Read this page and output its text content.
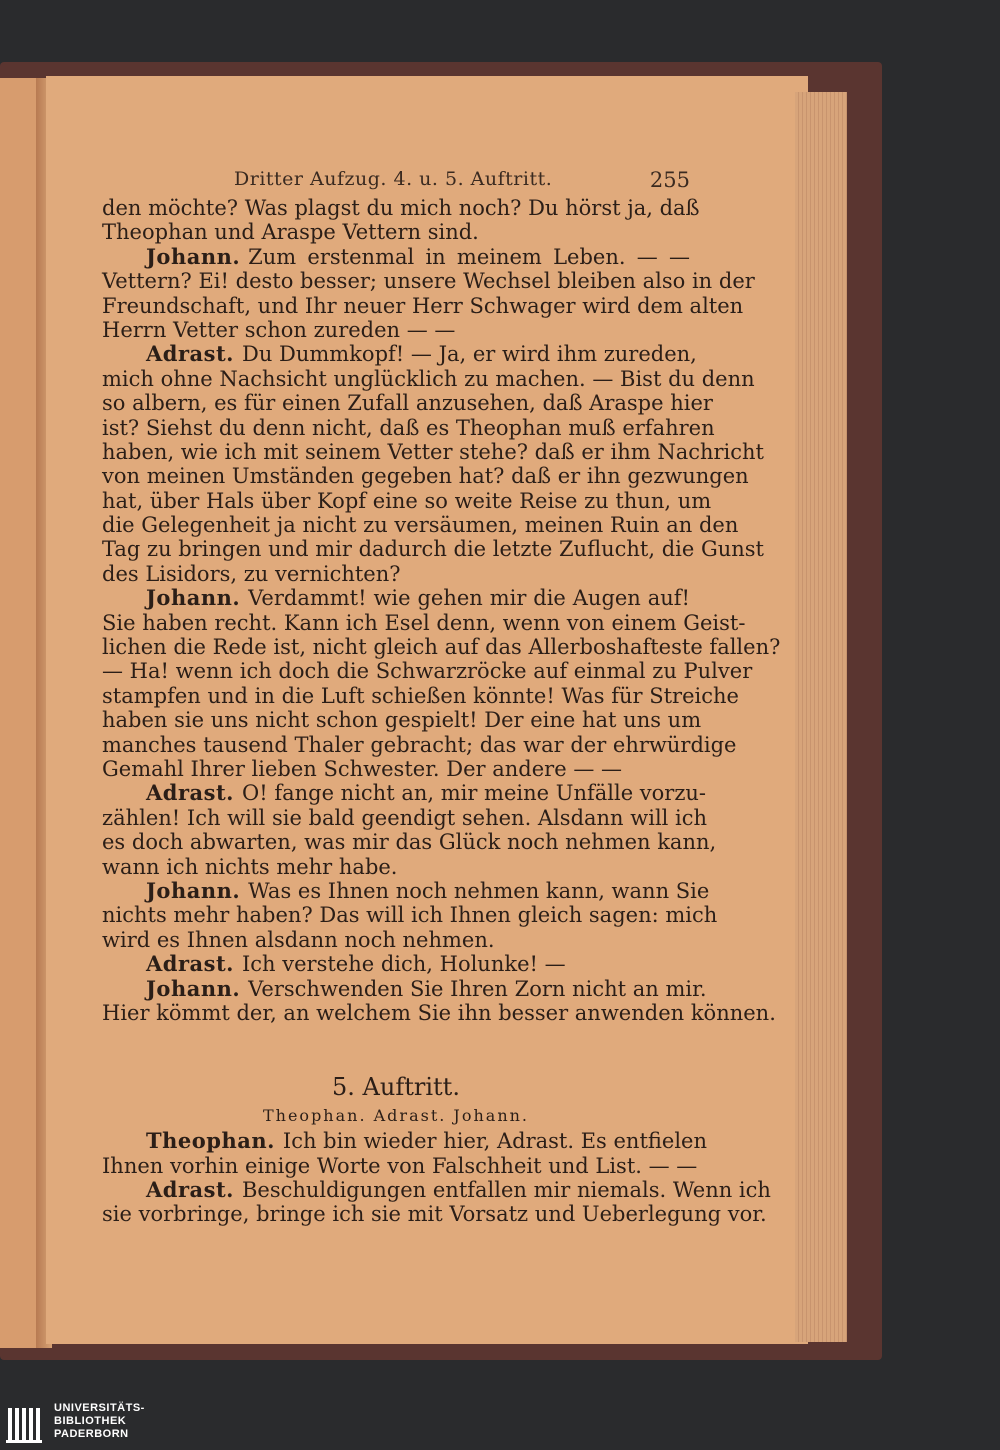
Dritter Aufzug. 4. u. 5. Auftritt.	255
den möchte? Was plagst du mich noch? Du hörst ja, daß
Theophan und Araspe Vettern sind.
Johann. Zum erstenmal in meinem Leben. — —
Vettern? Ei! desto besser; unsere Wechsel bleiben also in der
Freundschaft, und Ihr neuer Herr Schwager wird dem alten
Herrn Vetter schon zureden — —
Adrast. Du Dummkopf! — Ja, er wird ihm zureden,
mich ohne Nachsicht unglücklich zu machen. — Bist du denn
so albern, es für einen Zufall anzusehen, daß Araspe hier
ist? Siehst du denn nicht, daß es Theophan muß erfahren
haben, wie ich mit seinem Vetter stehe? daß er ihm Nachricht
von meinen Umständen gegeben hat? daß er ihn gezwungen
hat, über Hals über Kopf eine so weite Reise zu thun, um
die Gelegenheit ja nicht zu versäumen, meinen Ruin an den
Tag zu bringen und mir dadurch die letzte Zuflucht, die Gunst
des Lisidors, zu vernichten?
Johann. Verdammt! wie gehen mir die Augen auf!
Sie haben recht. Kann ich Esel denn, wenn von einem Geist-
lichen die Rede ist, nicht gleich auf das Allerboshafteste fallen?
— Ha! wenn ich doch die Schwarzröcke auf einmal zu Pulver
stampfen und in die Luft schießen könnte! Was für Streiche
haben sie uns nicht schon gespielt! Der eine hat uns um
manches tausend Thaler gebracht; das war der ehrwürdige
Gemahl Ihrer lieben Schwester. Der andere — —
Adrast. O! fange nicht an, mir meine Unfälle vorzu-
zählen! Ich will sie bald geendigt sehen. Alsdann will ich
es doch abwarten, was mir das Glück noch nehmen kann,
wann ich nichts mehr habe.
Johann. Was es Ihnen noch nehmen kann, wann Sie
nichts mehr haben? Das will ich Ihnen gleich sagen: mich
wird es Ihnen alsdann noch nehmen.
Adrast. Ich verstehe dich, Holunke! —
Johann. Verschwenden Sie Ihren Zorn nicht an mir.
Hier kömmt der, an welchem Sie ihn besser anwenden können.
5. Auftritt.
Theophan. Adrast. Johann.
Theophan. Ich bin wieder hier, Adrast. Es entfielen
Ihnen vorhin einige Worte von Falschheit und List. — —
Adrast. Beschuldigungen entfallen mir niemals. Wenn ich
sie vorbringe, bringe ich sie mit Vorsatz und Ueberlegung vor.
UNIVERSITÄTS-
BIBLIOTHEK
PADERBORN
